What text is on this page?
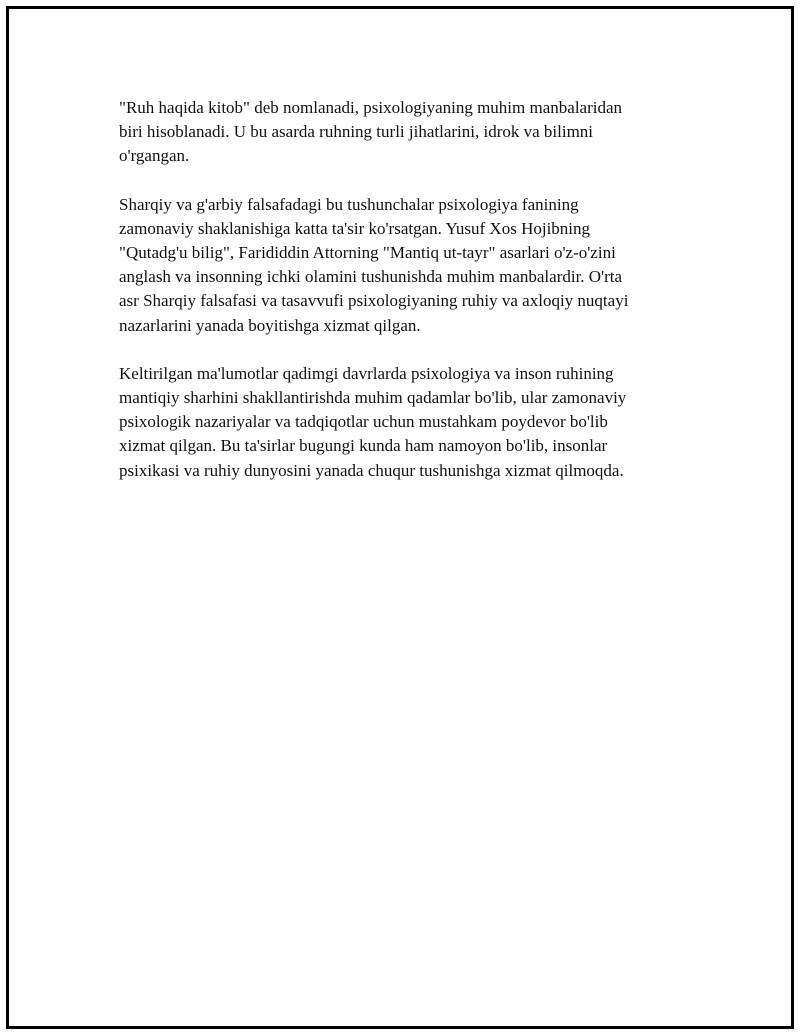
"Ruh haqida kitob" deb nomlanadi, psixologiyaning muhim manbalaridan
biri hisoblanadi. U bu asarda ruhning turli jihatlarini, idrok va bilimni
o'rgangan.

Sharqiy va g'arbiy falsafadagi bu tushunchalar psixologiya fanining
zamonaviy shaklanishiga katta ta'sir ko'rsatgan. Yusuf Xos Hojibning
"Qutadg'u bilig", Farididdin Attorning "Mantiq ut-tayr" asarlari o'z-o'zini
anglash va insonning ichki olamini tushunishda muhim manbalardir. O'rta
asr Sharqiy falsafasi va tasavvufi psixologiyaning ruhiy va axloqiy nuqtayi
nazarlarini yanada boyitishga xizmat qilgan.

Keltirilgan ma'lumotlar qadimgi davrlarda psixologiya va inson ruhining
mantiqiy sharhini shakllantirishda muhim qadamlar bo'lib, ular zamonaviy
psixologik nazariyalar va tadqiqotlar uchun mustahkam poydevor bo'lib
xizmat qilgan. Bu ta'sirlar bugungi kunda ham namoyon bo'lib, insonlar
psixikasi va ruhiy dunyosini yanada chuqur tushunishga xizmat qilmoqda.
